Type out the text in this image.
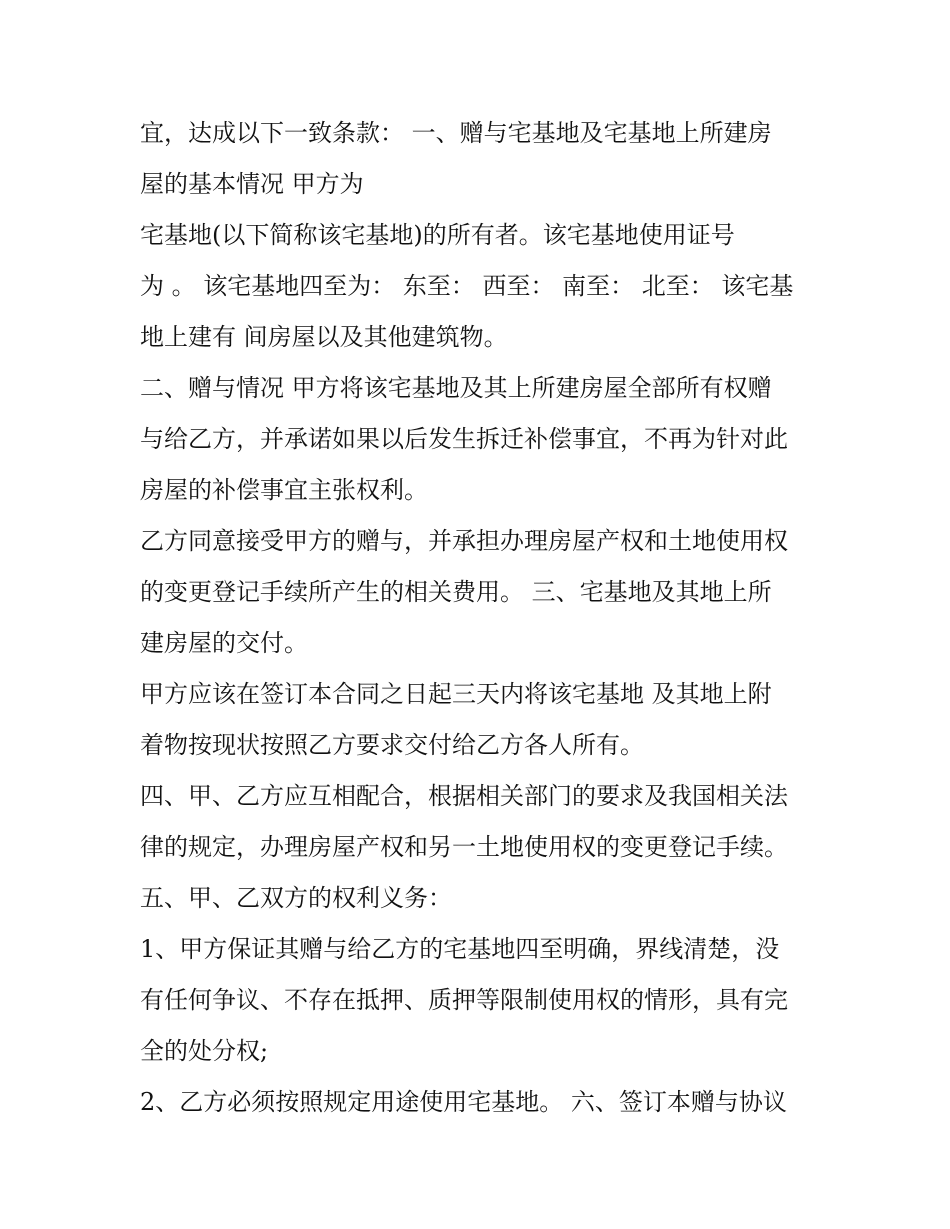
宜，达成以下一致条款： 一、赠与宅基地及宅基地上所建房
屋的基本情况 甲方为
宅基地(以下简称该宅基地)的所有者。该宅基地使用证号
为 。 该宅基地四至为： 东至： 西至： 南至： 北至： 该宅基
地上建有 间房屋以及其他建筑物。
二、赠与情况 甲方将该宅基地及其上所建房屋全部所有权赠
与给乙方，并承诺如果以后发生拆迁补偿事宜，不再为针对此
房屋的补偿事宜主张权利。
乙方同意接受甲方的赠与，并承担办理房屋产权和土地使用权
的变更登记手续所产生的相关费用。 三、宅基地及其地上所
建房屋的交付。
甲方应该在签订本合同之日起三天内将该宅基地 及其地上附
着物按现状按照乙方要求交付给乙方各人所有。
四、甲、乙方应互相配合，根据相关部门的要求及我国相关法
律的规定，办理房屋产权和另一土地使用权的变更登记手续。
五、甲、乙双方的权利义务：
1、甲方保证其赠与给乙方的宅基地四至明确，界线清楚，没
有任何争议、不存在抵押、质押等限制使用权的情形，具有完
全的处分权;
2、乙方必须按照规定用途使用宅基地。 六、签订本赠与协议
